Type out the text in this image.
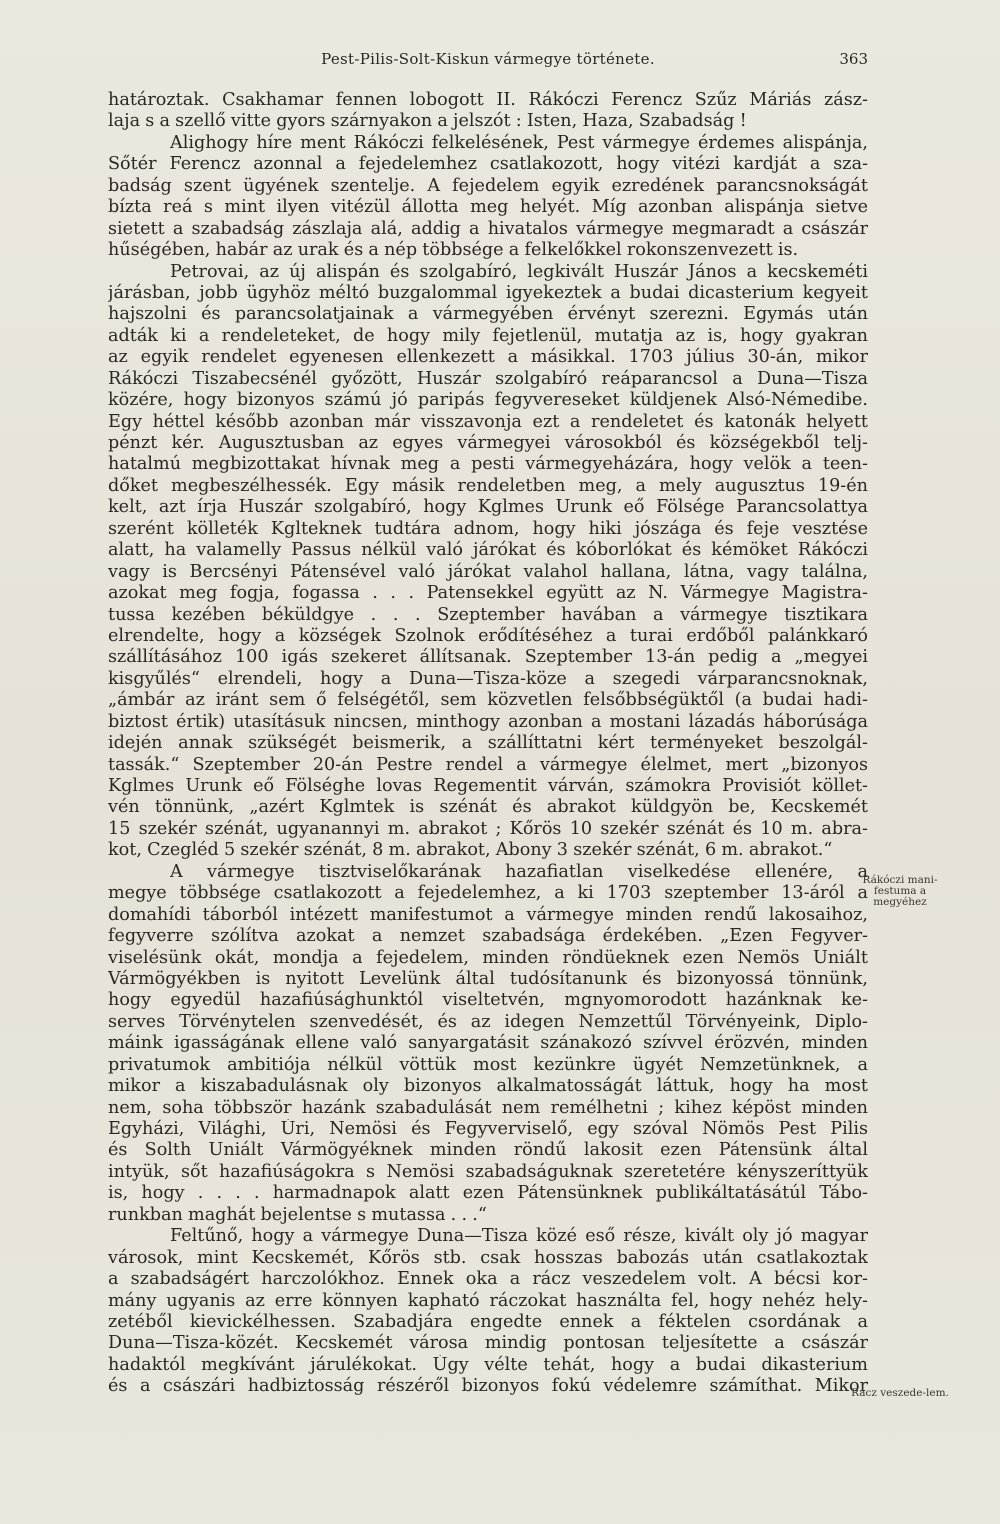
Pest-Pilis-Solt-Kiskun vármegye története.	363
határoztak. Csakhamar fennen lobogott II. Rákóczi Ferencz Szűz Máriás zász-
laja s a szellő vitte gyors szárnyakon a jelszót : Isten, Haza, Szabadság !
Alighogy híre ment Rákóczi felkelésének, Pest vármegye érdemes alispánja,
Sőtér Ferencz azonnal a fejedelemhez csatlakozott, hogy vitézi kardját a sza-
badság szent ügyének szentelje. A fejedelem egyik ezredének parancsnokságát
bízta reá s mint ilyen vitézül állotta meg helyét. Míg azonban alispánja sietve
sietett a szabadság zászlaja alá, addig a hivatalos vármegye megmaradt a császár
hűségében, habár az urak és a nép többsége a felkelőkkel rokonszenvezett is.
Petrovai, az új alispán és szolgabíró, legkivált Huszár János a kecskeméti
járásban, jobb ügyhöz méltó buzgalommal igyekeztek a budai dicasterium kegyeit
hajszolni és parancsolatjainak a vármegyében érvényt szerezni. Egymás után
adták ki a rendeleteket, de hogy mily fejetlenül, mutatja az is, hogy gyakran
az egyik rendelet egyenesen ellenkezett a másikkal. 1703 július 30-án, mikor
Rákóczi Tiszabecsénél győzött, Huszár szolgabíró reáparancsol a Duna—Tisza
közére, hogy bizonyos számú jó paripás fegyvereseket küldjenek Alsó-Némedibe.
Egy héttel később azonban már visszavonja ezt a rendeletet és katonák helyett
pénzt kér. Augusztusban az egyes vármegyei városokból és községekből telj-
hatalmú megbizottakat hívnak meg a pesti vármegyeházára, hogy velök a teen-
dőket megbeszélhessék. Egy másik rendeletben meg, a mely augusztus 19-én
kelt, azt írja Huszár szolgabíró, hogy Kglmes Urunk eő Fölsége Parancsolattya
szerént kölleték Kglteknek tudtára adnom, hogy hiki jószága és feje vesztése
alatt, ha valamelly Passus nélkül való járókat és kóborlókat és kémöket Rákóczi
vagy is Bercsényi Pátensével való járókat valahol hallana, látna, vagy találna,
azokat meg fogja, fogassa . . . Patensekkel együtt az N. Vármegye Magistra-
tussa kezében béküldgye . . . Szeptember havában a vármegye tisztikara
elrendelte, hogy a községek Szolnok erődítéséhez a turai erdőből palánkkaró
szállításához 100 igás szekeret állítsanak. Szeptember 13-án pedig a „megyei
kisgyűlés“ elrendeli, hogy a Duna—Tisza-köze a szegedi várparancsnoknak,
„ámbár az iránt sem ő felségétől, sem közvetlen felsőbbségüktől (a budai hadi-
biztost értik) utasításuk nincsen, minthogy azonban a mostani lázadás háborúsága
idején annak szükségét beismerik, a szállíttatni kért terményeket beszolgál-
tassák.“ Szeptember 20-án Pestre rendel a vármegye élelmet, mert „bizonyos
Kglmes Urunk eő Fölséghe lovas Regementit várván, számokra Provisiót köllet-
vén tönnünk, „azért Kglmtek is szénát és abrakot küldgyön be, Kecskemét
15 szekér szénát, ugyanannyi m. abrakot ; Kőrös 10 szekér szénát és 10 m. abra-
kot, Czegléd 5 szekér szénát, 8 m. abrakot, Abony 3 szekér szénát, 6 m. abrakot.“
A vármegye tisztviselőkarának hazafiatlan viselkedése ellenére, a
megye többsége csatlakozott a fejedelemhez, a ki 1703 szeptember 13-áról a
domahídi táborból intézett manifestumot a vármegye minden rendű lakosaihoz,
fegyverre szólítva azokat a nemzet szabadsága érdekében. „Ezen Fegyver-
viselésünk okát, mondja a fejedelem, minden röndüeknek ezen Nemös Uniált
Vármögyékben is nyitott Levelünk által tudósítanunk és bizonyossá tönnünk,
hogy egyedül hazafiúsághunktól viseltetvén, mgnyomorodott hazánknak ke-
serves Törvénytelen szenvedését, és az idegen Nemzettűl Törvényeink, Diplo-
máink igasságának ellene való sanyargatásit szánakozó szívvel érözvén, minden
privatumok ambitiója nélkül vöttük most kezünkre ügyét Nemzetünknek, a
mikor a kiszabadulásnak oly bizonyos alkalmatosságát láttuk, hogy ha most
nem, soha többször hazánk szabadulását nem remélhetni ; kihez képöst minden
Egyházi, Világhi, Úri, Nemösi és Fegyverviselő, egy szóval Nömös Pest Pilis
és Solth Uniált Vármögyéknek minden röndű lakosit ezen Pátensünk által
intyük, sőt hazafiúságokra s Nemösi szabadságuknak szeretetére kényszeríttyük
is, hogy . . . . harmadnapok alatt ezen Pátensünknek publikáltatásátúl Tábo-
runkban maghát bejelentse s mutassa . . .“
Feltűnő, hogy a vármegye Duna—Tisza közé eső része, kivált oly jó magyar
városok, mint Kecskemét, Kőrös stb. csak hosszas babozás után csatlakoztak
a szabadságért harczolókhoz. Ennek oka a rácz veszedelem volt. A bécsi kor-
mány ugyanis az erre könnyen kapható ráczokat használta fel, hogy nehéz hely-
zetéből kievickélhessen. Szabadjára engedte ennek a féktelen csordának a
Duna—Tisza-közét. Kecskemét városa mindig pontosan teljesítette a császár
hadaktól megkívánt járulékokat. Úgy vélte tehát, hogy a budai dikasterium
és a császári hadbiztosság részéről bizonyos fokú védelemre számíthat. Mikor
Rákóczi mani-festuma a megyéhez
Rácz veszede-lem.
